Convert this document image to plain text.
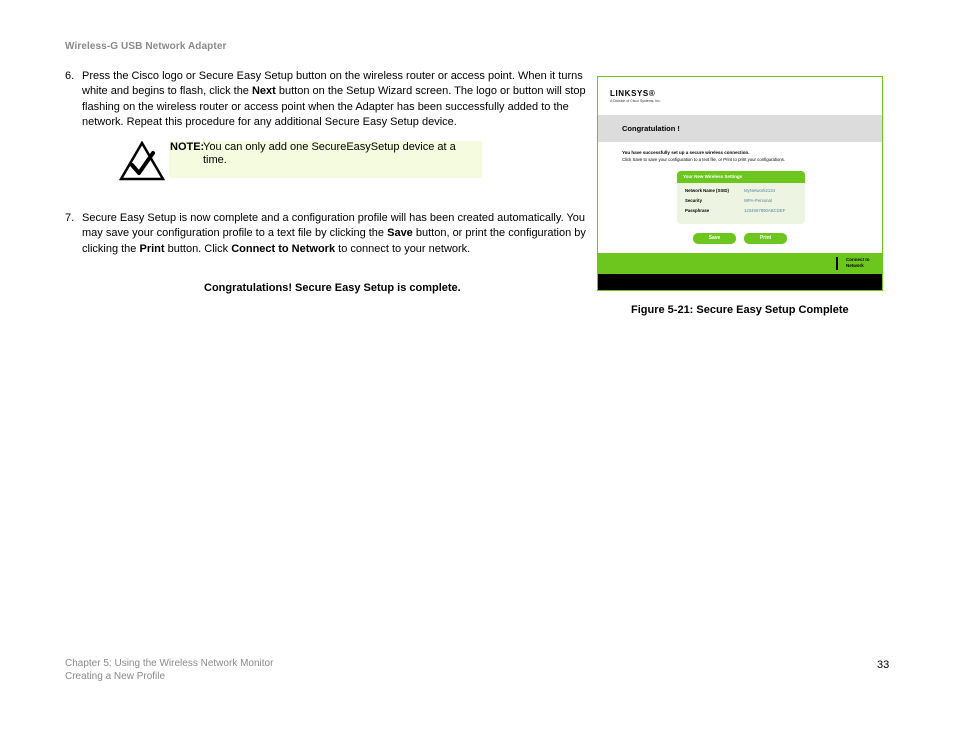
Wireless-G USB Network Adapter
6. Press the Cisco logo or Secure Easy Setup button on the wireless router or access point. When it turns white and begins to flash, click the Next button on the Setup Wizard screen. The logo or button will stop flashing on the wireless router or access point when the Adapter has been successfully added to the network. Repeat this procedure for any additional Secure Easy Setup device.
NOTE:
You can only add one SecureEasySetup device at a time.
7. Secure Easy Setup is now complete and a configuration profile will has been created automatically. You may save your configuration profile to a text file by clicking the Save button, or print the configuration by clicking the Print button. Click Connect to Network to connect to your network.
Congratulations! Secure Easy Setup is complete.
LINKSYS®
A Division of Cisco Systems, Inc.
Congratulation !
You have successfully set up a secure wireless connection.
Click Save to save your configuration to a text file, or Print to print your configurations.
Your New Wireless Settings
Network Name (SSID)	MyNetwork2134
Security	WPA-Personal
Passphrase	1234567890ABCDEF
Save	Print
Connect to Network
Figure 5-21: Secure Easy Setup Complete
Chapter 5: Using the Wireless Network Monitor
Creating a New Profile
33
